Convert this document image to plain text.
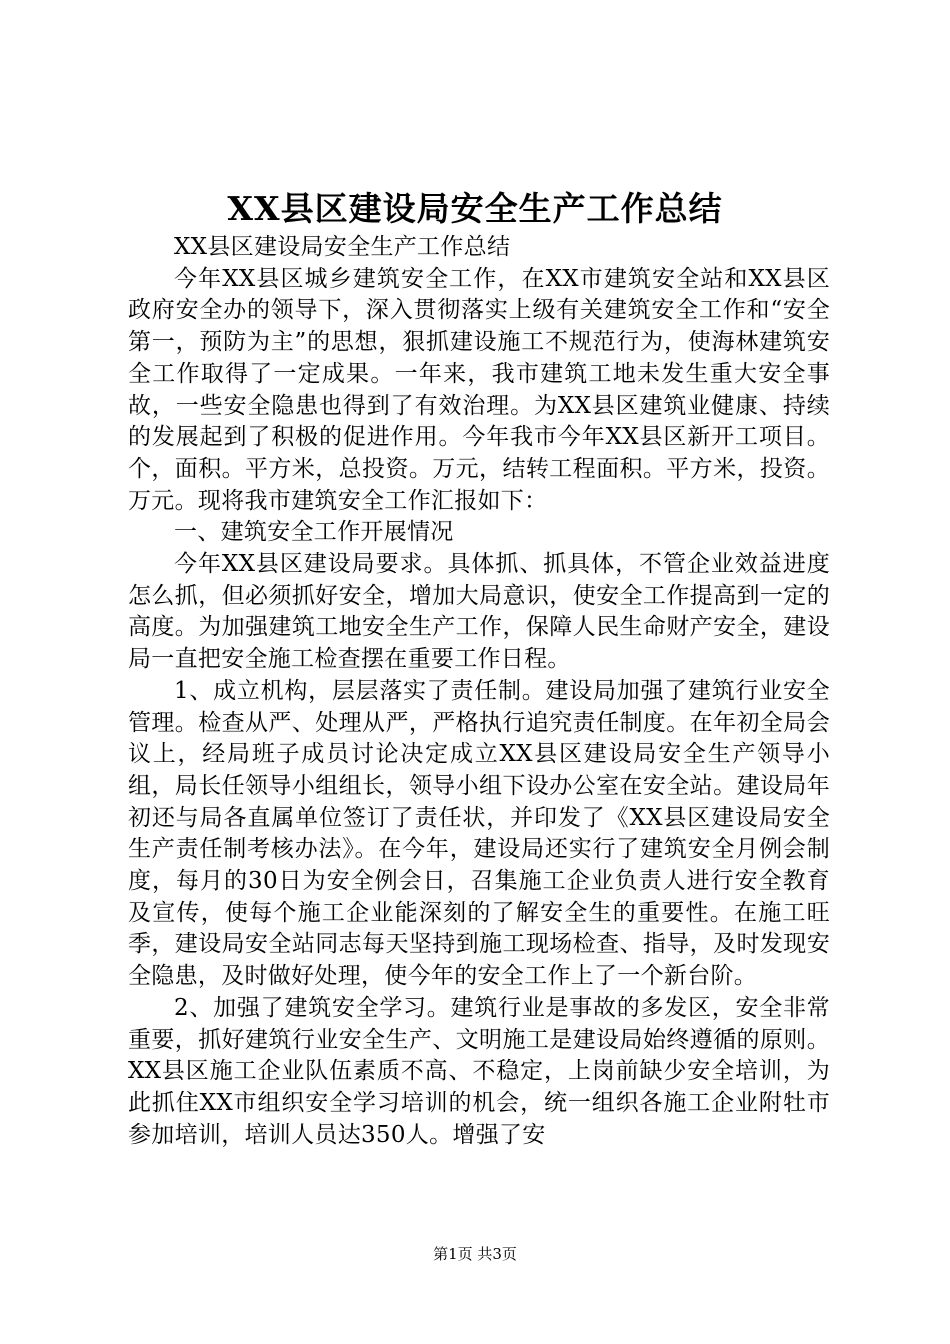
XX县区建设局安全生产工作总结

XX县区建设局安全生产工作总结

今年XX县区城乡建筑安全工作，在XX市建筑安全站和XX县区政府安全办的领导下，深入贯彻落实上级有关建筑安全工作和“安全第一，预防为主”的思想，狠抓建设施工不规范行为，使海林建筑安全工作取得了一定成果。一年来，我市建筑工地未发生重大安全事故，一些安全隐患也得到了有效治理。为XX县区建筑业健康、持续的发展起到了积极的促进作用。今年我市今年XX县区新开工项目。个，面积。平方米，总投资。万元，结转工程面积。平方米，投资。万元。现将我市建筑安全工作汇报如下：

一、建筑安全工作开展情况

今年XX县区建设局要求。具体抓、抓具体，不管企业效益进度怎么抓，但必须抓好安全，增加大局意识，使安全工作提高到一定的高度。为加强建筑工地安全生产工作，保障人民生命财产安全，建设局一直把安全施工检查摆在重要工作日程。

1、成立机构，层层落实了责任制。建设局加强了建筑行业安全管理。检查从严、处理从严，严格执行追究责任制度。在年初全局会议上，经局班子成员讨论决定成立XX县区建设局安全生产领导小组，局长任领导小组组长，领导小组下设办公室在安全站。建设局年初还与局各直属单位签订了责任状，并印发了《XX县区建设局安全生产责任制考核办法》。在今年，建设局还实行了建筑安全月例会制度，每月的30日为安全例会日，召集施工企业负责人进行安全教育及宣传，使每个施工企业能深刻的了解安全生的重要性。在施工旺季，建设局安全站同志每天坚持到施工现场检查、指导，及时发现安全隐患，及时做好处理，使今年的安全工作上了一个新台阶。

2、加强了建筑安全学习。建筑行业是事故的多发区，安全非常重要，抓好建筑行业安全生产、文明施工是建设局始终遵循的原则。XX县区施工企业队伍素质不高、不稳定，上岗前缺少安全培训，为此抓住XX市组织安全学习培训的机会，统一组织各施工企业附牡市参加培训，培训人员达350人。增强了安

第1页 共3页
